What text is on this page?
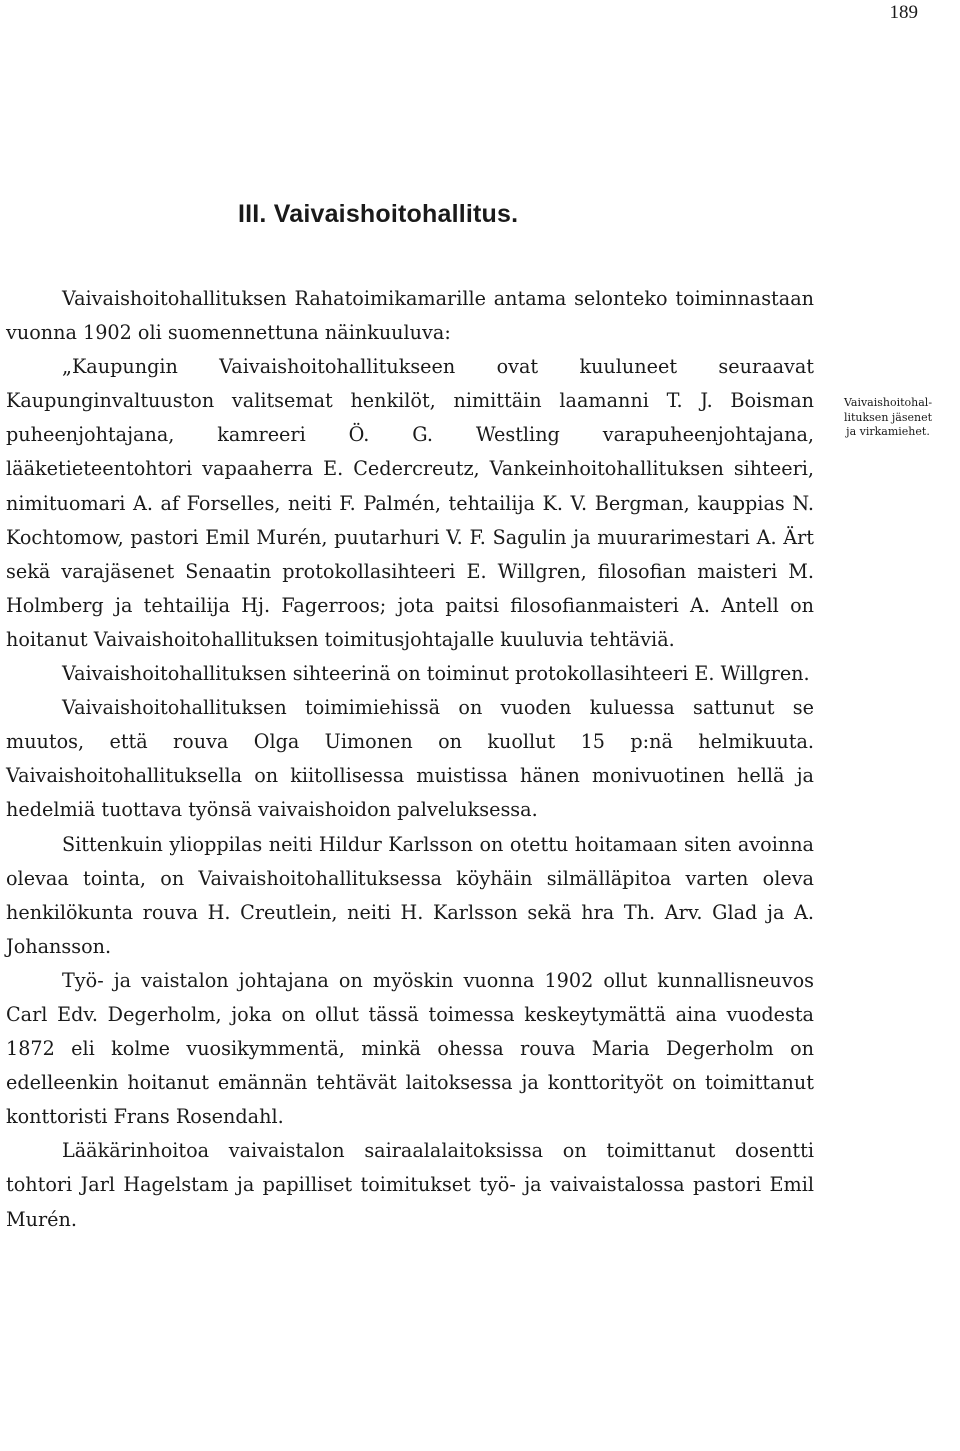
189
III. Vaivaishoitohallitus.
Vaivaishoitohal-
lituksen jäsenet
ja virkamiehet.

Vaivaishoitohallituksen Rahatoimikamarille antama selonteko toiminnastaan vuonna 1902 oli suomennettuna näinkuuluva:

„Kaupungin Vaivaishoitohallitukseen ovat kuuluneet seuraavat Kaupunginvaltuuston valitsemat henkilöt, nimittäin laamanni T. J. Boisman puheenjohtajana, kamreeri Ö. G. Westling varapuheenjohtajana, lääketieteentohtori vapaaherra E. Cedercreutz, Vankeinhoitohallituksen sihteeri, nimituomari A. af Forselles, neiti F. Palmén, tehtailija K. V. Bergman, kauppias N. Kochtomow, pastori Emil Murén, puutarhuri V. F. Sagulin ja muurarimestari A. Ärt sekä varajäsenet Senaatin protokollasihteeri E. Willgren, filosofian maisteri M. Holmberg ja tehtailija Hj. Fagerroos; jota paitsi filosofianmaisteri A. Antell on hoitanut Vaivaishoitohallituksen toimitusjohtajalle kuuluvia tehtäviä.

Vaivaishoitohallituksen sihteerinä on toiminut protokollasihteeri E. Willgren.

Vaivaishoitohallituksen toimimiehissä on vuoden kuluessa sattunut se muutos, että rouva Olga Uimonen on kuollut 15 p:nä helmikuuta. Vaivaishoitohallituksella on kiitollisessa muistissa hänen monivuotinen hellä ja hedelmiä tuottava työnsä vaivaishoidon palveluksessa.

Sittenkuin ylioppilas neiti Hildur Karlsson on otettu hoitamaan siten avoinna olevaa tointa, on Vaivaishoitohallituksessa köyhäin silmälläpitoa varten oleva henkilökunta rouva H. Creutlein, neiti H. Karlsson sekä hra Th. Arv. Glad ja A. Johansson.

Työ- ja vaistalon johtajana on myöskin vuonna 1902 ollut kunnallisneuvos Carl Edv. Degerholm, joka on ollut tässä toimessa keskeytymättä aina vuodesta 1872 eli kolme vuosikymmentä, minkä ohessa rouva Maria Degerholm on edelleenkin hoitanut emännän tehtävät laitoksessa ja konttorityöt on toimittanut konttoristi Frans Rosendahl.

Lääkärinhoitoa vaivaistalon sairaalalaitoksissa on toimittanut dosentti tohtori Jarl Hagelstam ja papilliset toimitukset työ- ja vaivaistalossa pastori Emil Murén.
